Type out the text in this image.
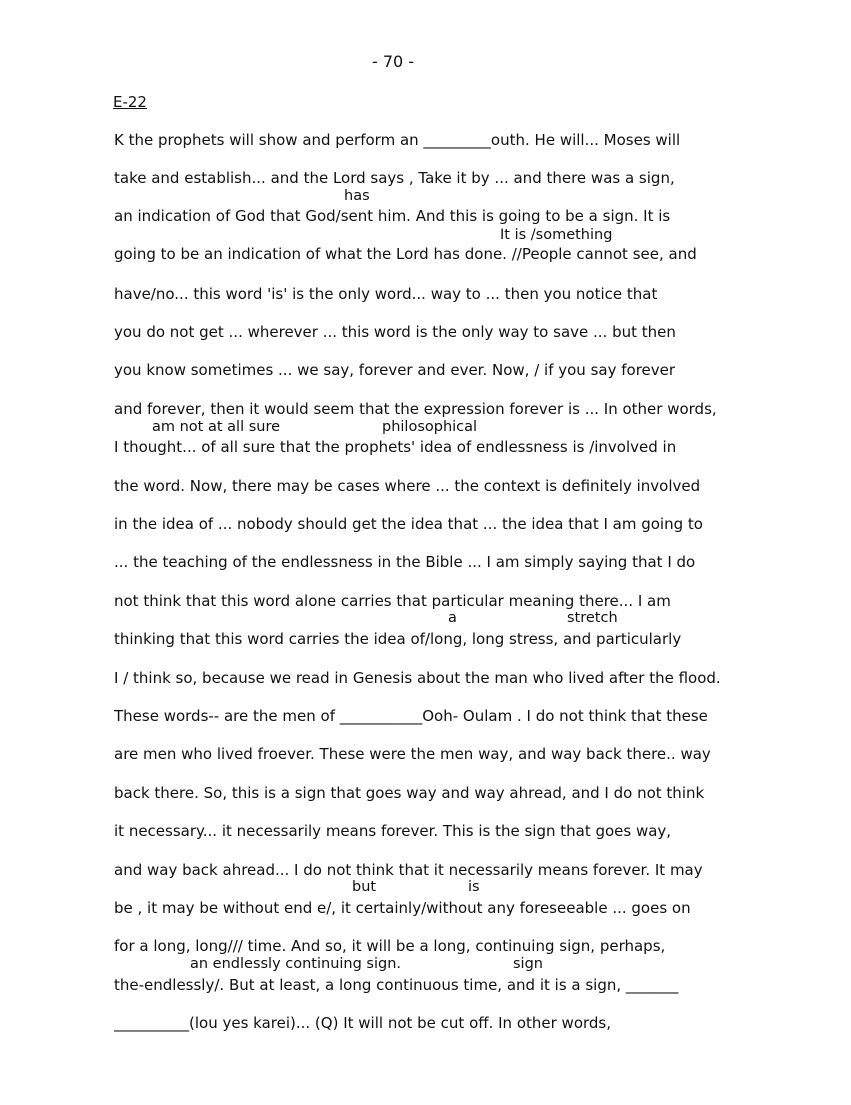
- 70 -
E-22
has
It is /something
am not at all sure	philosophical
a	stretch
but	is
an endlessly continuing sign.	sign
K the prophets will show and perform an _________outh. He will... Moses will
take and establish... and the Lord says , Take it by ... and there was a sign,
an indication of God that God/sent him. And this is going to be a sign. It is
going to be an indication of what the Lord has done. //People cannot see, and
have/no... this word 'is' is the only word... way to ... then you notice that
you do not get ... wherever ... this word is the only way to save ... but then
you know sometimes ... we say, forever and ever. Now, / if you say forever
and forever, then it would seem that the expression forever is ... In other words,
I thought... of all sure that the prophets' idea of endlessness is /involved in
the word. Now, there may be cases where ... the context is definitely involved
in the idea of ... nobody should get the idea that ... the idea that I am going to
... the teaching of the endlessness in the Bible ... I am simply saying that I do
not think that this word alone carries that particular meaning there... I am
thinking that this word carries the idea of/long, long stress, and particularly
I / think so, because we read in Genesis about the man who lived after the flood.
These words-- are the men of ___________Ooh- Oulam . I do not think that these
are men who lived froever. These were the men way, and way back there.. way
back there. So, this is a sign that goes way and way ahread, and I do not think
it necessary... it necessarily means forever. This is the sign that goes way,
and way back ahread... I do not think that it necessarily means forever. It may
be , it may be without end e/, it certainly/without any foreseeable ... goes on
for a long, long/// time. And so, it will be a long, continuing sign, perhaps,
the-endlessly/. But at least, a long continuous time, and it is a sign, _______
__________(lou yes karei)... (Q) It will not be cut off. In other words,
